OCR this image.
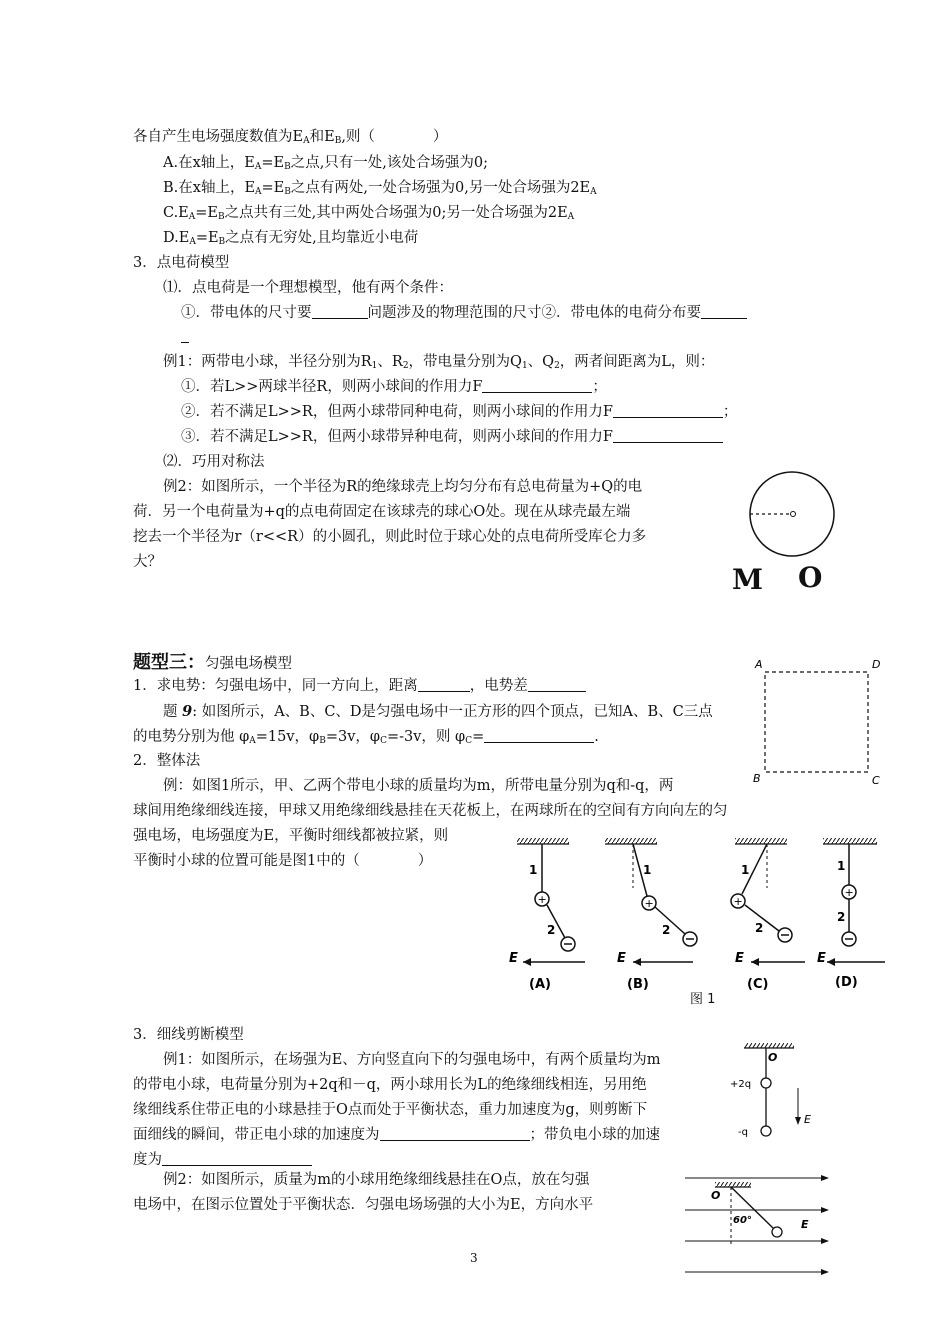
各自产生电场强度数值为$E_A$和$E_B$,则（　　　　）
A.在x轴上，$E_A=E_B$之点,只有一处,该处合场强为0;
B.在x轴上，$E_A=E_B$之点有两处,一处合场强为0,另一处合场强为$2E_A$
$C.E_A=E_B$之点共有三处,其中两处合场强为0;另一处合场强为$2E_A$
$D.E_A=E_B$之点有无穷处,且均靠近小电荷
3．点电荷模型
⑴．点电荷是一个理想模型，他有两个条件：
①．带电体的尺寸要	问题涉及的物理范围的尺寸②．带电体的电荷分布要
例1：两带电小球，半径分别为$R_1$、$R_2$，带电量分别为$Q_1$、$Q_2$，两者间距离为L，则：
①．若L>>两球半径R，则两小球间的作用力F	；
②．若不满足L>>R，但两小球带同种电荷，则两小球间的作用力F	；
③．若不满足L>>R，但两小球带异种电荷，则两小球间的作用力F
⑵．巧用对称法
例2：如图所示，一个半径为R的绝缘球壳上均匀分布有总电荷量为+Q的电
荷．另一个电荷量为+q的点电荷固定在该球壳的球心O处。现在从球壳最左端
挖去一个半径为r（r<<R）的小圆孔，则此时位于球心处的点电荷所受库仑力多
大？
M O
题型三：匀强电场模型
1．求电势：匀强电场中，同一方向上，距离	，电势差
题 9: 如图所示，A、B、C、D是匀强电场中一正方形的四个顶点，已知A、B、C三点
的电势分别为他 $\varphi_A=15v$，$\varphi_B=3v$，$\varphi_C=-3v$，则 $\varphi_C=$	.
A	D
B	C
2．整体法
例：如图1所示，甲、乙两个带电小球的质量均为m，所带电量分别为q和-q，两
球间用绝缘细线连接，甲球又用绝缘细线悬挂在天花板上，在两球所在的空间有方向向左的匀
强电场，电场强度为E，平衡时细线都被拉紧，则
平衡时小球的位置可能是图1中的（　　　　）
+
1
2
E
(A)
+
1
2
E
(B)
+
1
2
E
(C)
+
1
2
E
(D)
图 1
3．细线剪断模型
例1：如图所示，在场强为E、方向竖直向下的匀强电场中，有两个质量均为m
的带电小球，电荷量分别为+2q和－q，两小球用长为L的绝缘细线相连，另用绝
缘细线系住带正电的小球悬挂于O点而处于平衡状态，重力加速度为g，则剪断下
面细线的瞬间，带正电小球的加速度为	；带负电小球的加速
度为
O
+2q
-q
E
例2：如图所示，质量为m的小球用绝缘细线悬挂在O点，放在匀强
电场中，在图示位置处于平衡状态．匀强电场场强的大小为E，方向水平
O
60°	E
3
